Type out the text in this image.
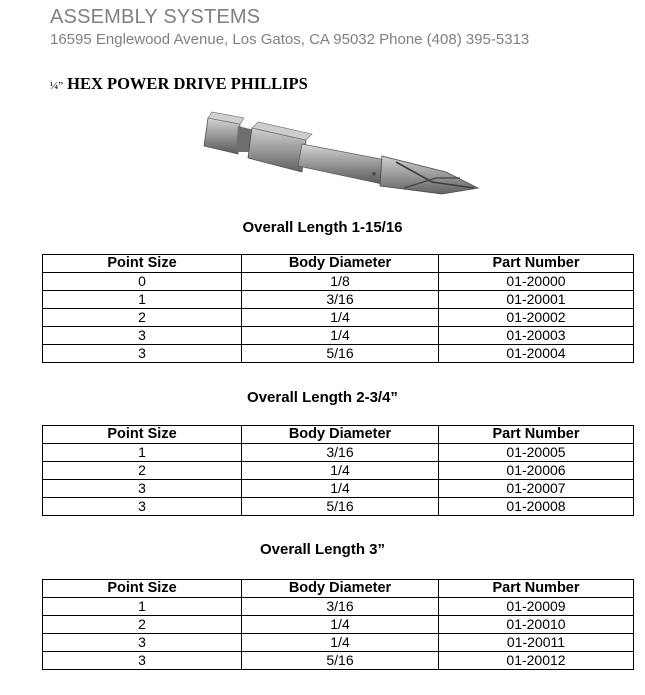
ASSEMBLY SYSTEMS
16595 Englewood Avenue, Los Gatos, CA 95032 Phone (408) 395-5313
¼” HEX POWER DRIVE PHILLIPS
Overall Length 1-15/16
Point Size	Body Diameter	Part Number
0	1/8	01-20000
1	3/16	01-20001
2	1/4	01-20002
3	1/4	01-20003
3	5/16	01-20004
Overall Length 2-3/4”
Point Size	Body Diameter	Part Number
1	3/16	01-20005
2	1/4	01-20006
3	1/4	01-20007
3	5/16	01-20008
Overall Length 3”
Point Size	Body Diameter	Part Number
1	3/16	01-20009
2	1/4	01-20010
3	1/4	01-20011
3	5/16	01-20012
